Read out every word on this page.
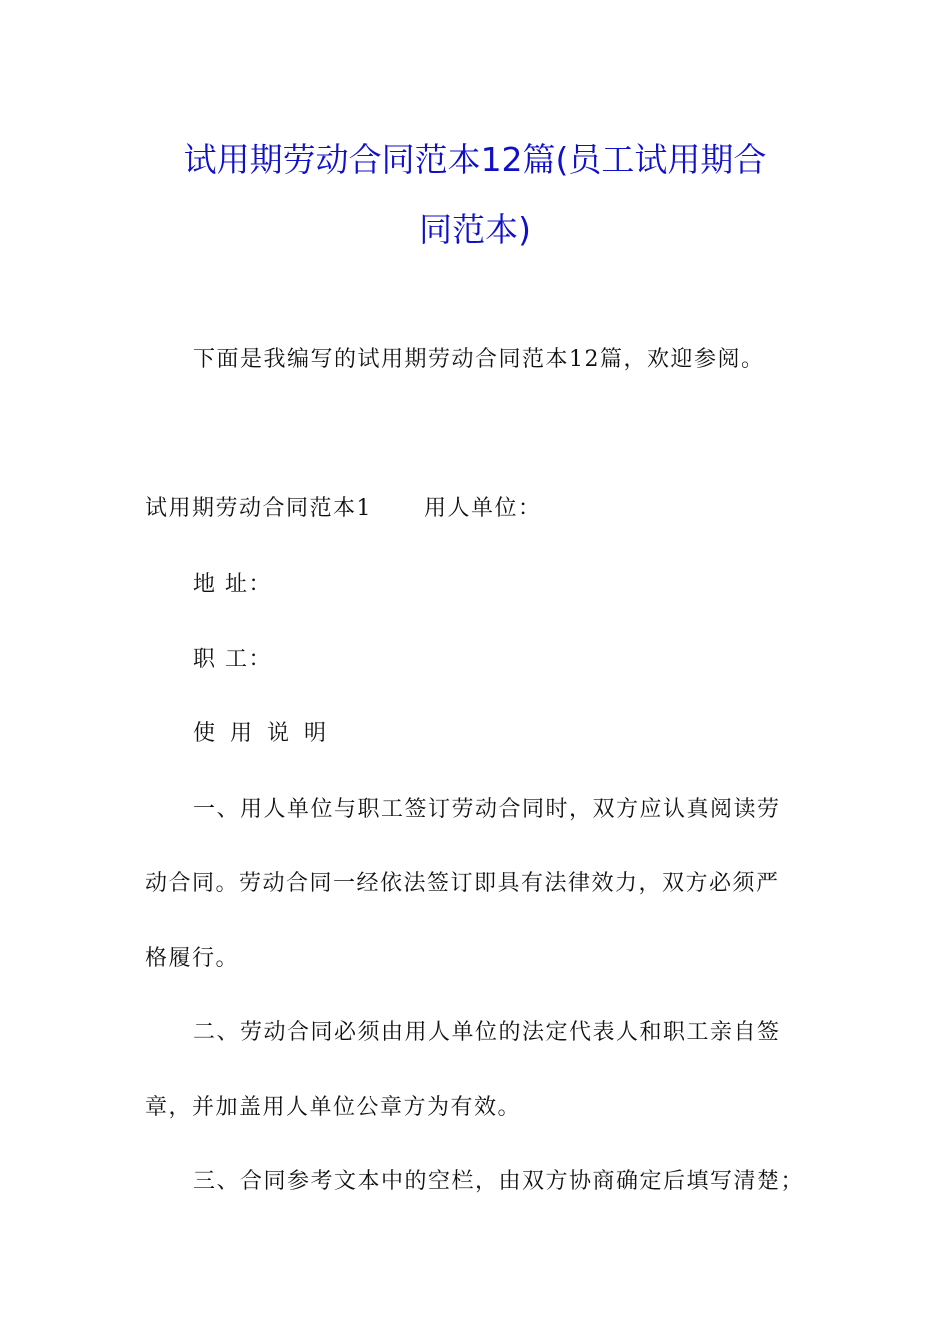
试用期劳动合同范本12篇(员工试用期合
同范本)
下面是我编写的试用期劳动合同范本12篇，欢迎参阅。
试用期劳动合同范本1 用人单位：
地 址：
职 工：
使用说明
一、用人单位与职工签订劳动合同时，双方应认真阅读劳
动合同。劳动合同一经依法签订即具有法律效力，双方必须严
格履行。
二、劳动合同必须由用人单位的法定代表人和职工亲自签
章，并加盖用人单位公章方为有效。
三、合同参考文本中的空栏，由双方协商确定后填写清楚；
